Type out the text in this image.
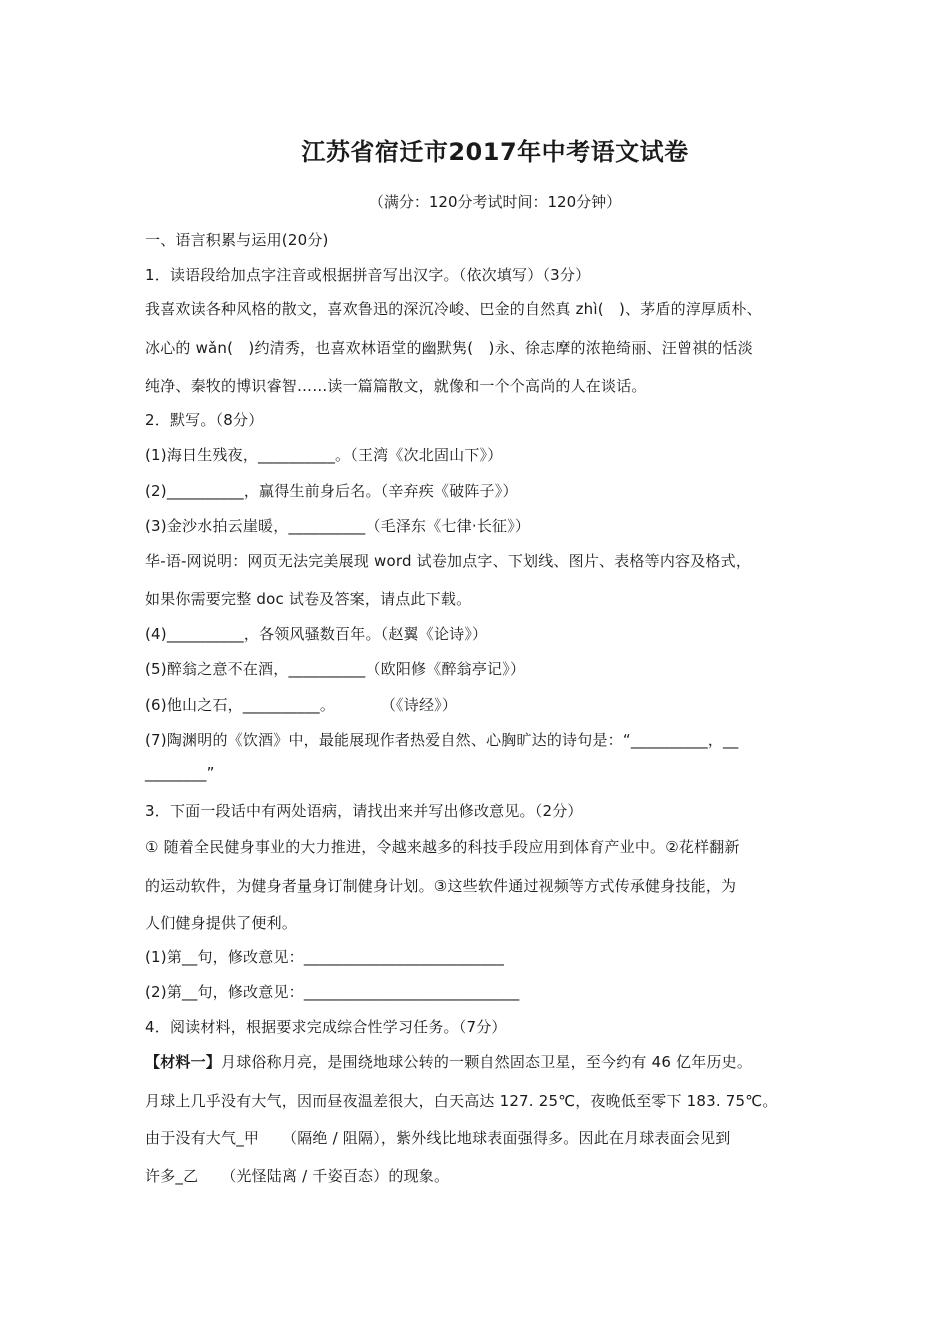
江苏省宿迁市2017年中考语文试卷
（满分：120分考试时间：120分钟）
一、语言积累与运用(20分)
1．读语段给加点字注音或根据拼音写出汉字。（依次填写）（3分）
我喜欢读各种风格的散文，喜欢鲁迅的深沉冷峻、巴金的自然真 zhì(　)、茅盾的淳厚质朴、
冰心的 wǎn(　)约清秀，也喜欢林语堂的幽默隽(　)永、徐志摩的浓艳绮丽、汪曾祺的恬淡
纯净、秦牧的博识睿智……读一篇篇散文，就像和一个个高尚的人在谈话。
2．默写。（8分）
(1)海日生残夜，__________。（王湾《次北固山下》）
(2)__________，赢得生前身后名。（辛弃疾《破阵子》）
(3)金沙水拍云崖暖，__________（毛泽东《七律·长征》）
华-语-网说明：网页无法完美展现 word 试卷加点字、下划线、图片、表格等内容及格式，
如果你需要完整 doc 试卷及答案，请点此下载。
(4)__________，各领风骚数百年。（赵翼《论诗》）
(5)醉翁之意不在酒，__________（欧阳修《醉翁亭记》）
(6)他山之石，__________。　　　　（《诗经》）
(7)陶渊明的《饮酒》中，最能展现作者热爱自然、心胸旷达的诗句是：“__________，__
________”
3．下面一段话中有两处语病，请找出来并写出修改意见。（2分）
① 随着全民健身事业的大力推进，令越来越多的科技手段应用到体育产业中。②花样翻新
的运动软件，为健身者量身订制健身计划。③这些软件通过视频等方式传承健身技能，为
人们健身提供了便利。
(1)第__句，修改意见：__________________________
(2)第__句，修改意见：____________________________
4．阅读材料，根据要求完成综合性学习任务。（7分）
【材料一】月球俗称月亮，是围绕地球公转的一颗自然固态卫星，至今约有 46 亿年历史。
月球上几乎没有大气，因而昼夜温差很大，白天高达 127. 25℃，夜晚低至零下 183. 75℃。
由于没有大气_甲　　（隔绝 / 阻隔），紫外线比地球表面强得多。因此在月球表面会见到
许多_乙　　（光怪陆离 / 千姿百态）的现象。
